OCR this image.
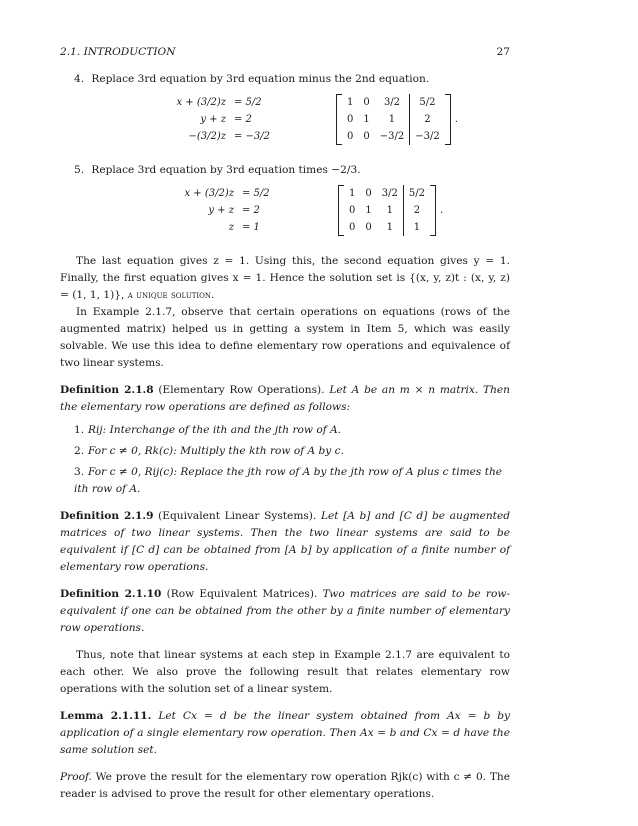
2.1. INTRODUCTION	27
4. Replace 3rd equation by 3rd equation minus the 2nd equation.
x + (3/2)z = 5/2
y + z = 2
−(3/2)z = −3/2
1	0	3/2	5/2
0	1	1	2
0	0	−3/2	−3/2
.
5. Replace 3rd equation by 3rd equation times −2/3.
x + (3/2)z = 5/2
y + z = 2
z = 1
1	0	3/2	5/2
0	1	1	2
0	0	1	1
.

The last equation gives z = 1. Using this, the second equation gives y = 1. Finally, the first equation gives x = 1. Hence the solution set is {(x, y, z)t : (x, y, z) = (1, 1, 1)}, a unique solution.

In Example 2.1.7, observe that certain operations on equations (rows of the augmented matrix) helped us in getting a system in Item 5, which was easily solvable. We use this idea to define elementary row operations and equivalence of two linear systems.

Definition 2.1.8 (Elementary Row Operations). Let A be an m × n matrix. Then the elementary row operations are defined as follows:

1. Rij: Interchange of the ith and the jth row of A.
2. For c ≠ 0, Rk(c): Multiply the kth row of A by c.
3. For c ≠ 0, Rij(c): Replace the jth row of A by the jth row of A plus c times the ith row of A.

Definition 2.1.9 (Equivalent Linear Systems). Let [A b] and [C d] be augmented matrices of two linear systems. Then the two linear systems are said to be equivalent if [C d] can be obtained from [A b] by application of a finite number of elementary row operations.

Definition 2.1.10 (Row Equivalent Matrices). Two matrices are said to be row-equivalent if one can be obtained from the other by a finite number of elementary row operations.

Thus, note that linear systems at each step in Example 2.1.7 are equivalent to each other. We also prove the following result that relates elementary row operations with the solution set of a linear system.

Lemma 2.1.11. Let Cx = d be the linear system obtained from Ax = b by application of a single elementary row operation. Then Ax = b and Cx = d have the same solution set.

Proof. We prove the result for the elementary row operation Rjk(c) with c ≠ 0. The reader is advised to prove the result for other elementary operations.
